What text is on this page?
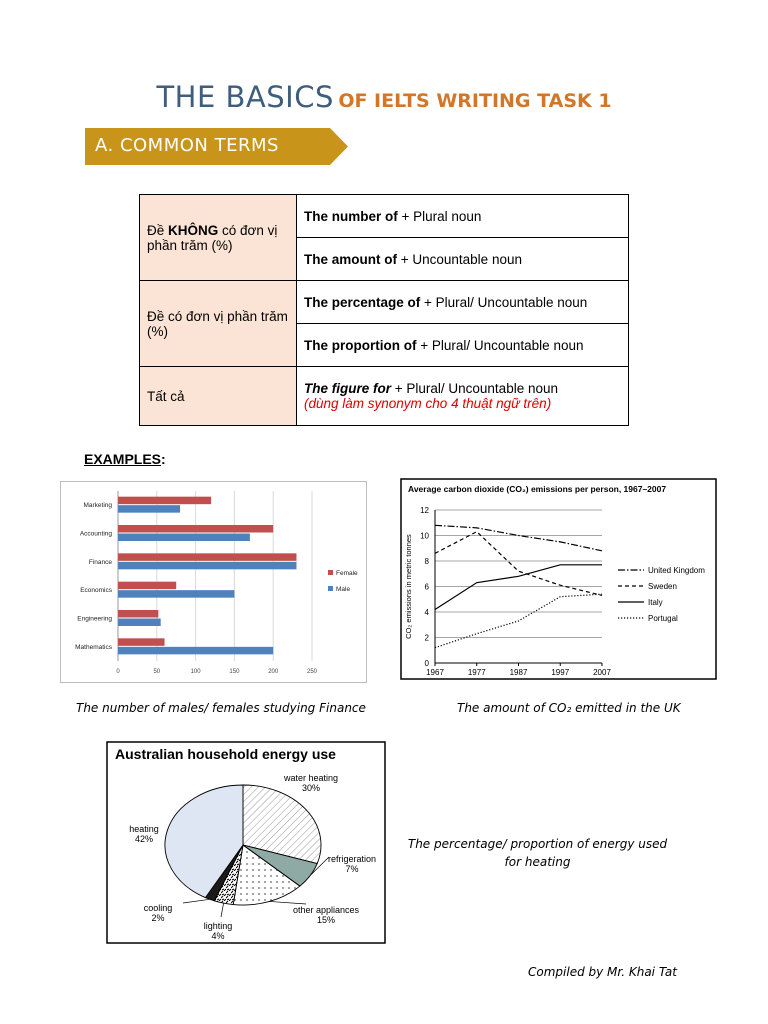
THE BASICS OF IELTS WRITING TASK 1
A. COMMON TERMS
Đề KHÔNG có đơn vị phần trăm (%)	The number of + Plural noun
	The amount of + Uncountable noun
Đề có đơn vị phần trăm (%)	The percentage of + Plural/ Uncountable noun
	The proportion of + Plural/ Uncountable noun
Tất cả	The figure for + Plural/ Uncountable noun
(dùng làm synonym cho 4 thuật ngữ trên)
EXAMPLES:
0	50	100	150	200	250
Marketing
Accounting
Finance
Economics
Engineering
Mathematics
Female
Male
Average carbon dioxide (CO₂) emissions per person, 1967–2007
0
2
4
6
8
10
12
1967	1977	1987	1997	2007
CO₂ emissions in metric tonnes	United Kingdom
Sweden
Italy
Portugal
Australian household energy use
water heating
30%
refrigeration
7%
other appliances
15%
lighting
4%
cooling
2%
heating
42%
The number of males/ females studying Finance	The amount of CO₂ emitted in the UK
The percentage/ proportion of energy used for heating
Compiled by Mr. Khai Tat
